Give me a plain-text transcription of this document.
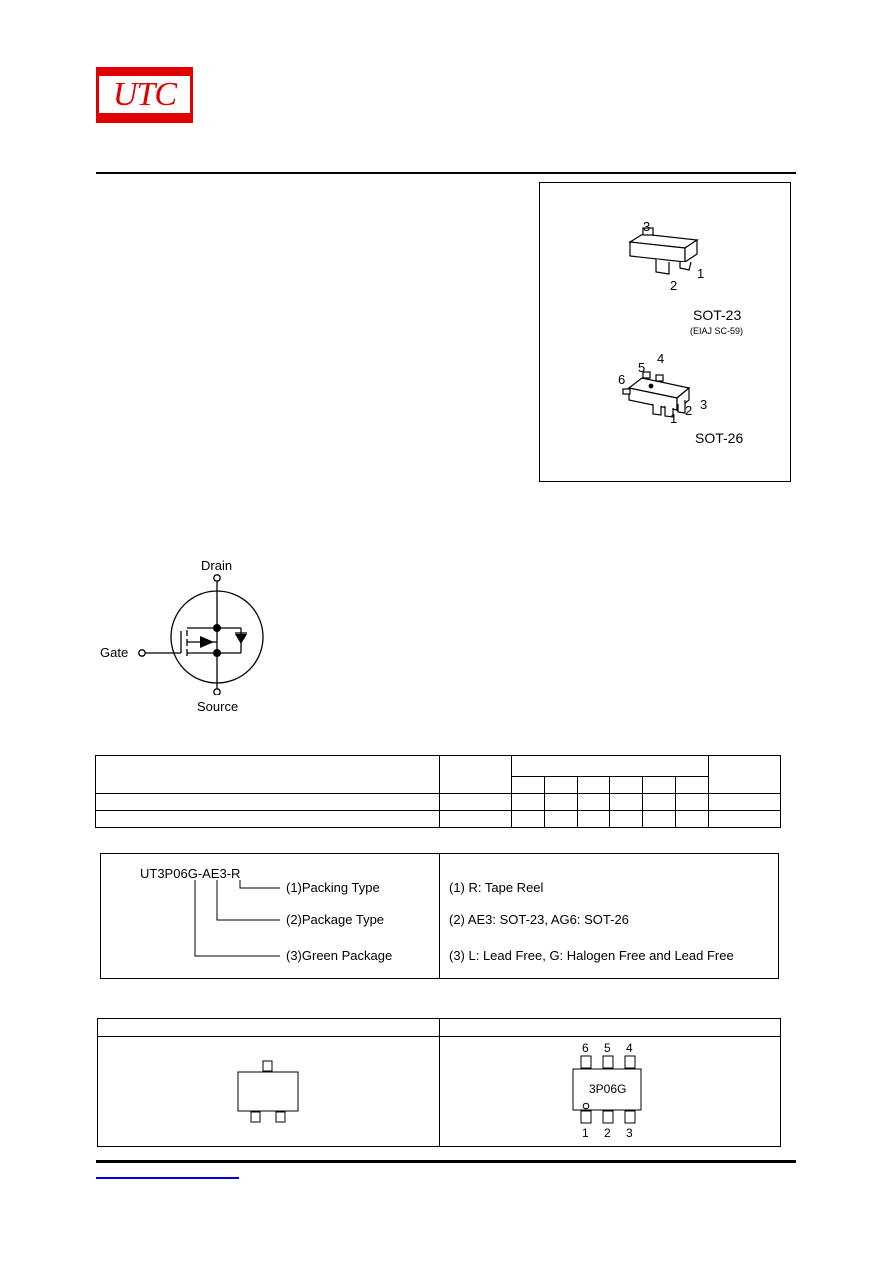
UTC
3
2
1
SOT-23
(EIAJ SC-59)
6
5
4
1
2 3
SOT-26
Drain
Gate
Source

UT3P06G-AE3-R
(1)Packing Type
(2)Package Type
(3)Green Package
(1) R: Tape Reel
(2) AE3: SOT-23, AG6: SOT-26
(3) L: Lead Free, G: Halogen Free and Lead Free
3P06G
6 5 4
1 2 3
